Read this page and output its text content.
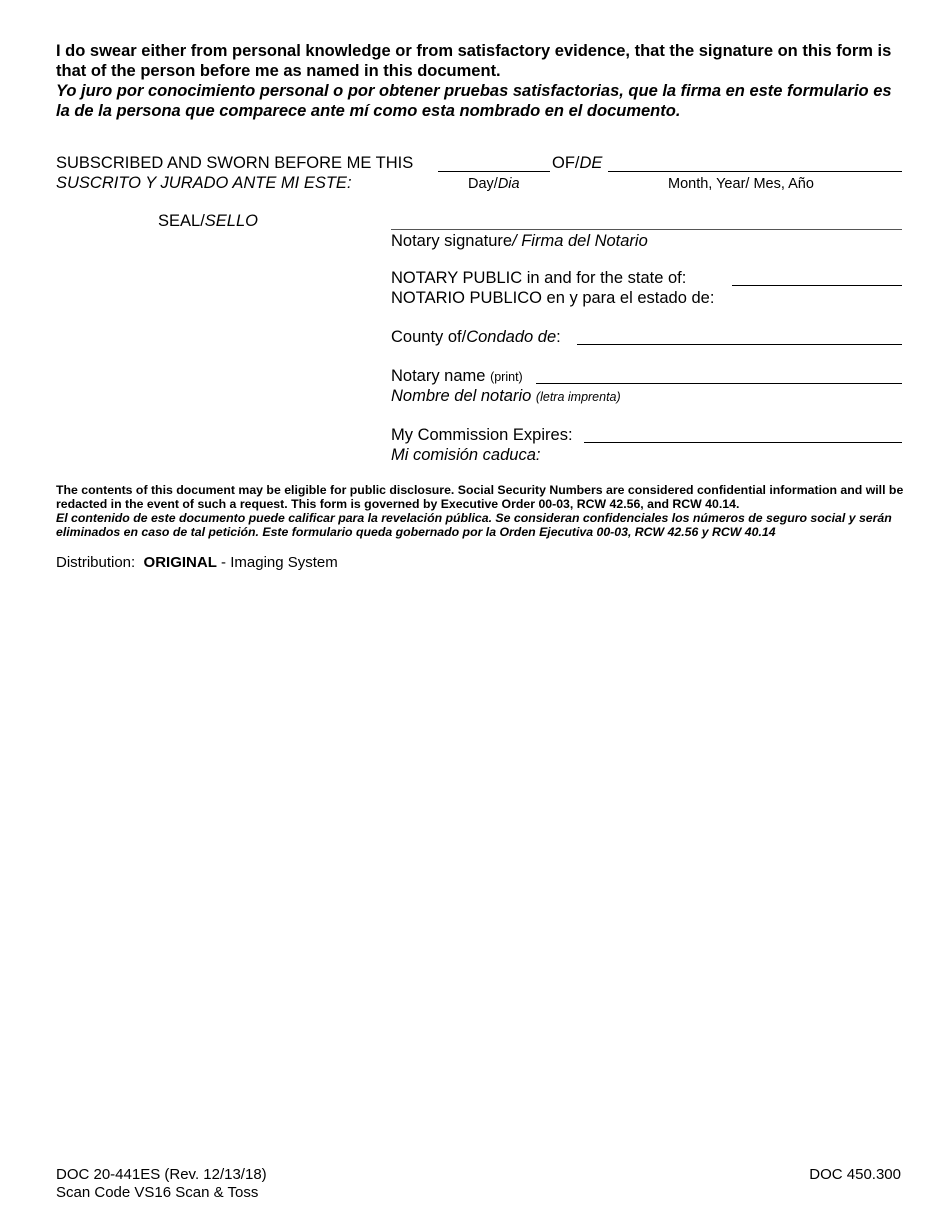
I do swear either from personal knowledge or from satisfactory evidence, that the signature on this form is that of the person before me as named in this document.

Yo juro por conocimiento personal o por obtener pruebas satisfactorias, que la firma en este formulario es la de la persona que comparece ante mí como esta nombrado en el documento.

SUBSCRIBED AND SWORN BEFORE ME THIS
SUSCRITO Y JURADO ANTE MI ESTE:
OF/DE
Day/Dia	Month, Year/ Mes, Año
SEAL/SELLO
Notary signature/ Firma del Notario
NOTARY PUBLIC in and for the state of:
NOTARIO PUBLICO en y para el estado de:
County of/Condado de:
Notary name (print)
Nombre del notario (letra imprenta)
My Commission Expires:
Mi comisión caduca:

The contents of this document may be eligible for public disclosure. Social Security Numbers are considered confidential information and will be redacted in the event of such a request. This form is governed by Executive Order 00-03, RCW 42.56, and RCW 40.14.

El contenido de este documento puede calificar para la revelación pública. Se consideran confidenciales los números de seguro social y serán eliminados en caso de tal petición. Este formulario queda gobernado por la Orden Ejecutiva 00-03, RCW 42.56 y RCW 40.14

Distribution:  ORIGINAL - Imaging System
DOC 20-441ES (Rev. 12/13/18)
Scan Code VS16 Scan & Toss
DOC 450.300
